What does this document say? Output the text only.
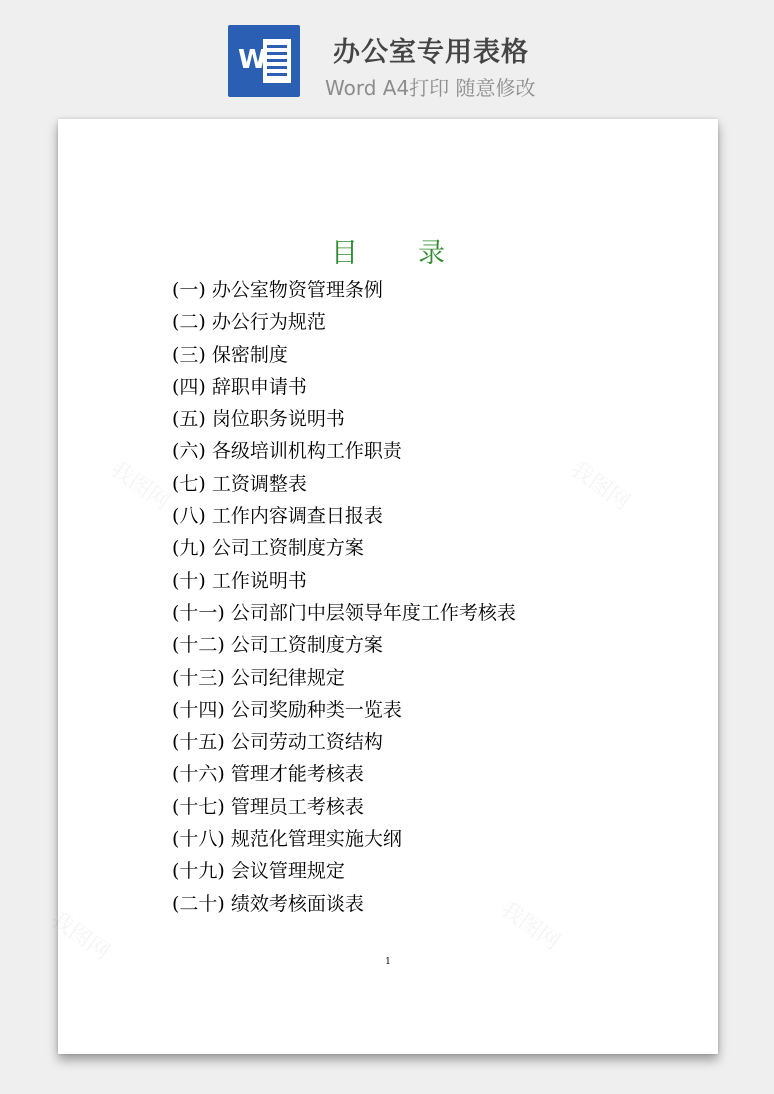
W 办公室专用表格
Word A4打印 随意修改
目 录
(一) 办公室物资管理条例
(二) 办公行为规范
(三) 保密制度
(四) 辞职申请书
(五) 岗位职务说明书
(六) 各级培训机构工作职责
(七) 工资调整表
(八) 工作内容调查日报表
(九) 公司工资制度方案
(十) 工作说明书
(十一) 公司部门中层领导年度工作考核表
(十二) 公司工资制度方案
(十三) 公司纪律规定
(十四) 公司奖励种类一览表
(十五) 公司劳动工资结构
(十六) 管理才能考核表
(十七) 管理员工考核表
(十八) 规范化管理实施大纲
(十九) 会议管理规定
(二十) 绩效考核面谈表
1
